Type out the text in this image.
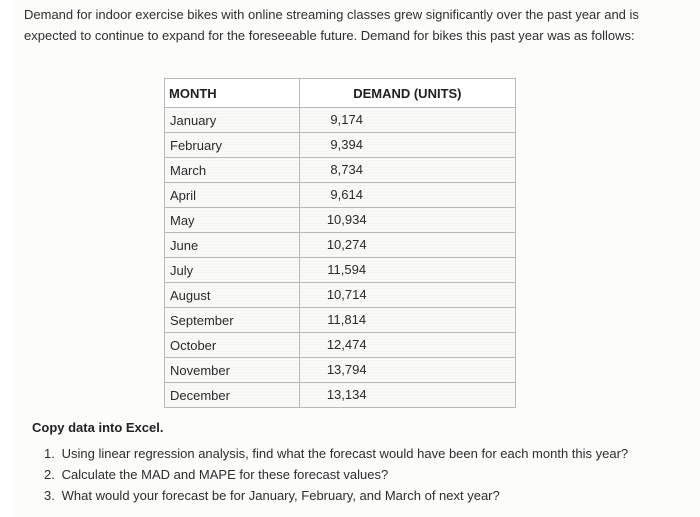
Demand for indoor exercise bikes with online streaming classes grew significantly over the past year and is expected to continue to expand for the foreseeable future. Demand for bikes this past year was as follows:

MONTH	DEMAND (UNITS)
January	9,174

February	9,394

March	8,734

April	9,614

May	10,934

June	10,274

July	11,594

August	10,714

September	11,814

October	12,474

November	13,794

December	13,134
Copy data into Excel.
1. Using linear regression analysis, find what the forecast would have been for each month this year?
2. Calculate the MAD and MAPE for these forecast values?
3. What would your forecast be for January, February, and March of next year?
